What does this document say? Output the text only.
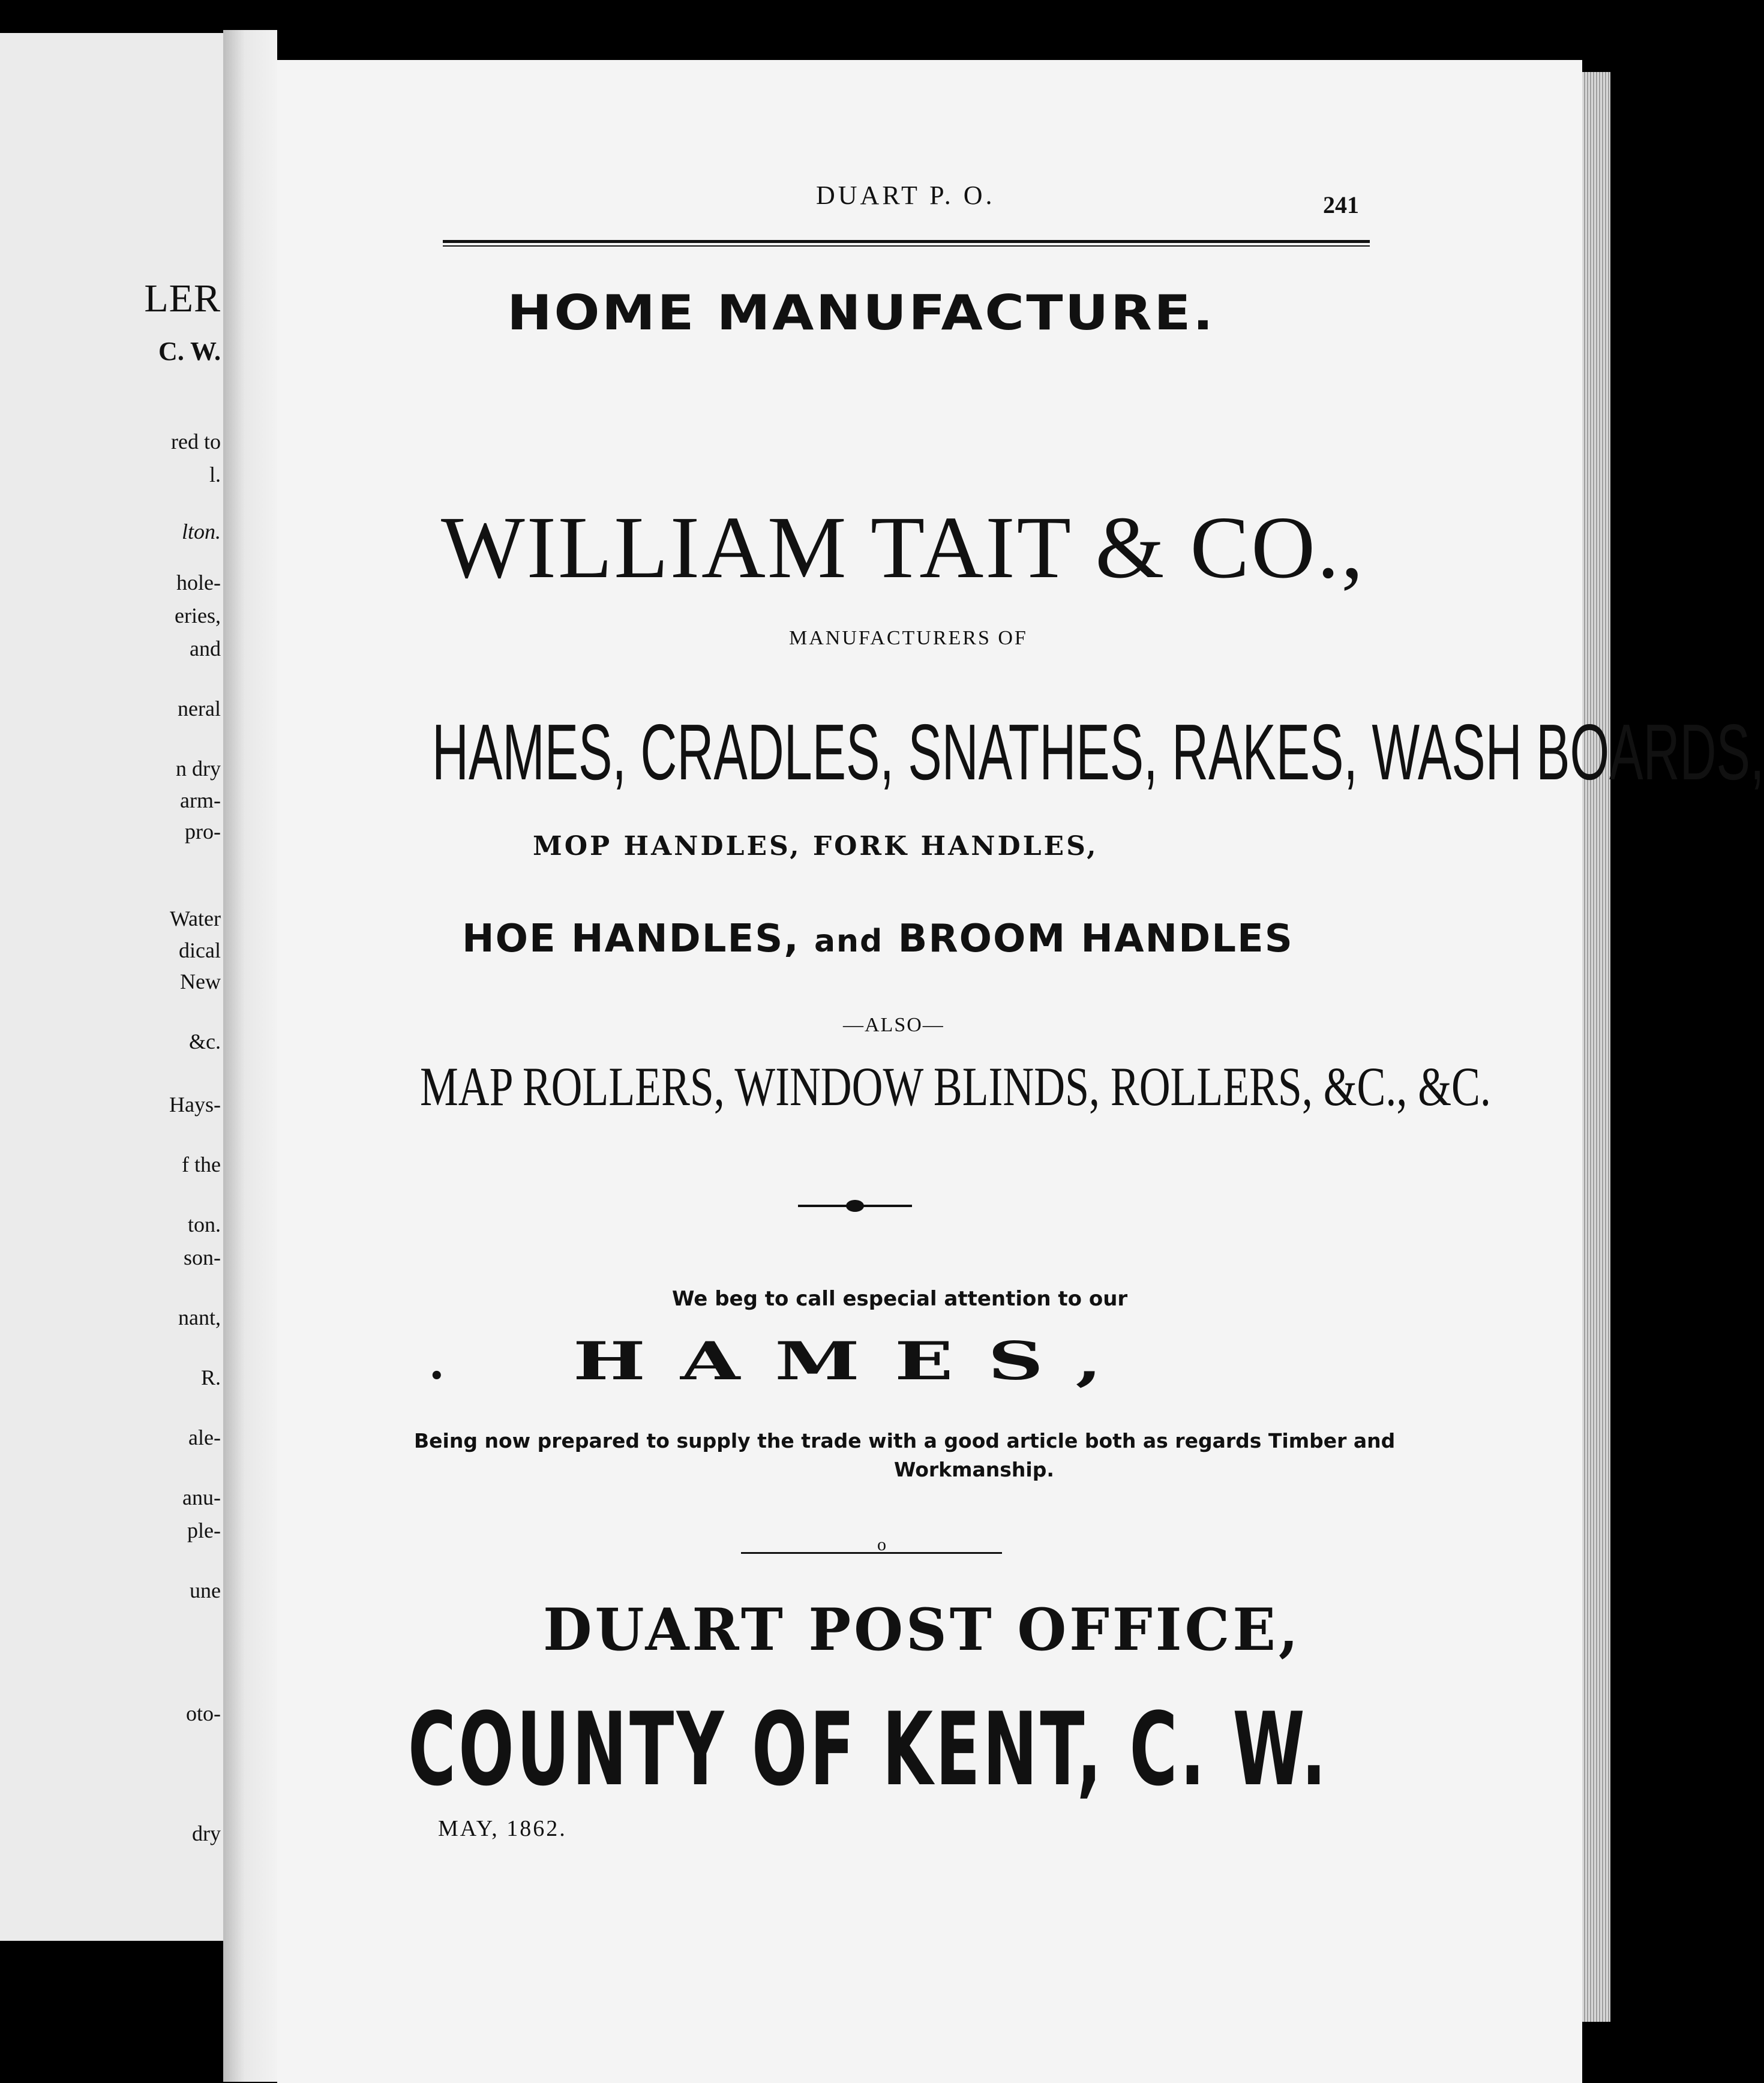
LER
C. W.
red to
l.
lton.
hole-
eries,
and
neral
n dry
arm-
pro-
Water
dical
New
&c.
Hays-
f the
ton.
son-
nant,
R.
ale-
anu-
ple-
une
oto-
dry
DUART P. O.	241
HOME MANUFACTURE.
WILLIAM TAIT & CO.,
MANUFACTURERS OF
HAMES, CRADLES, SNATHES, RAKES, WASH BOARDS,
MOP HANDLES, FORK HANDLES,
HOE HANDLES, and BROOM HANDLES
—ALSO—
MAP ROLLERS, WINDOW BLINDS, ROLLERS, &C., &C.
We beg to call especial attention to our
• HAMES,
Being now prepared to supply the trade with a good article both as regards Timber and
Workmanship.
o
DUART POST OFFICE,
COUNTY OF KENT, C. W.
MAY, 1862.
